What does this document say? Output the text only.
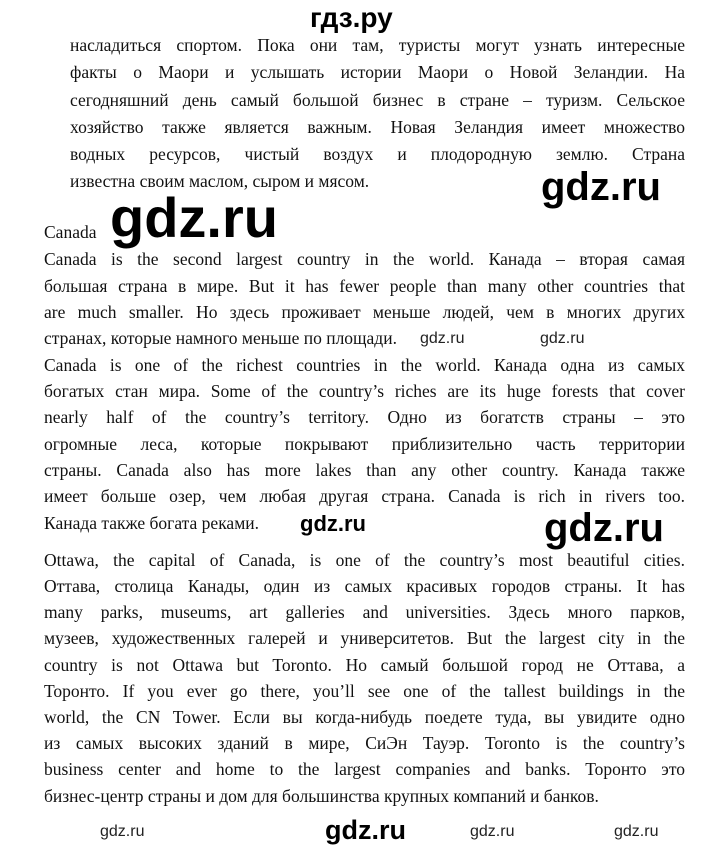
гдз.ру
насладиться спортом. Пока они там, туристы могут узнать интересные
факты о Маори и услышать истории Маори о Новой Зеландии. На
сегодняшний день самый большой бизнес в стране – туризм. Сельское
хозяйство также является важным. Новая Зеландия имеет множество
водных ресурсов, чистый воздух и плодородную землю. Страна
известна своим маслом, сыром и мясом.
Canada
Canada is the second largest country in the world. Канада – вторая самая
большая страна в мире. But it has fewer people than many other countries that
are much smaller. Но здесь проживает меньше людей, чем в многих других
странах, которые намного меньше по площади.
Canada is one of the richest countries in the world. Канада одна из самых
богатых стан мира. Some of the country’s riches are its huge forests that cover
nearly half of the country’s territory. Одно из богатств страны – это
огромные леса, которые покрывают приблизительно часть территории
страны. Canada also has more lakes than any other country. Канада также
имеет больше озер, чем любая другая страна. Canada is rich in rivers too.
Канада также богата реками.
Ottawa, the capital of Canada, is one of the country’s most beautiful cities.
Оттава, столица Канады, один из самых красивых городов страны. It has
many parks, museums, art galleries and universities. Здесь много парков,
музеев, художественных галерей и университетов. But the largest city in the
country is not Ottawa but Toronto. Но самый большой город не Оттава, а
Торонто. If you ever go there, you’ll see one of the tallest buildings in the
world, the CN Tower. Если вы когда-нибудь поедете туда, вы увидите одно
из самых высоких зданий в мире, СиЭн Тауэр. Toronto is the country’s
business center and home to the largest companies and banks. Торонто это
бизнес-центр страны и дом для большинства крупных компаний и банков.
gdz.ru
gdz.ru
gdz.ru	gdz.ru
gdz.ru	gdz.ru
gdz.ru	gdz.ru	gdz.ru
gdz.ru
